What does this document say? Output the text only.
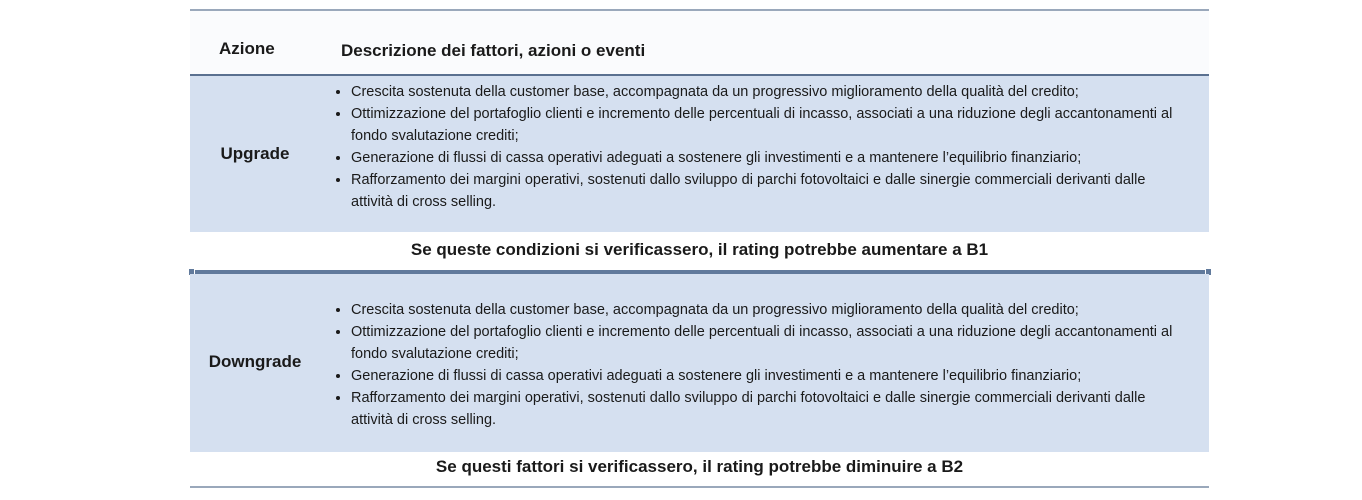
Azione	Descrizione dei fattori, azioni o eventi
Upgrade
• Crescita sostenuta della customer base, accompagnata da un progressivo miglioramento della qualità del credito;
• Ottimizzazione del portafoglio clienti e incremento delle percentuali di incasso, associati a una riduzione degli accantonamenti al fondo svalutazione crediti;
• Generazione di flussi di cassa operativi adeguati a sostenere gli investimenti e a mantenere l’equilibrio finanziario;
• Rafforzamento dei margini operativi, sostenuti dallo sviluppo di parchi fotovoltaici e dalle sinergie commerciali derivanti dalle attività di cross selling.
Se queste condizioni si verificassero, il rating potrebbe aumentare a B1
Downgrade
• Crescita sostenuta della customer base, accompagnata da un progressivo miglioramento della qualità del credito;
• Ottimizzazione del portafoglio clienti e incremento delle percentuali di incasso, associati a una riduzione degli accantonamenti al fondo svalutazione crediti;
• Generazione di flussi di cassa operativi adeguati a sostenere gli investimenti e a mantenere l’equilibrio finanziario;
• Rafforzamento dei margini operativi, sostenuti dallo sviluppo di parchi fotovoltaici e dalle sinergie commerciali derivanti dalle attività di cross selling.
Se questi fattori si verificassero, il rating potrebbe diminuire a B2
